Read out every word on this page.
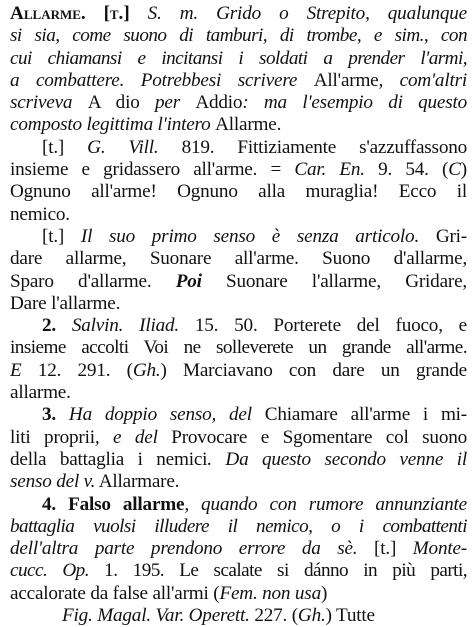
Allarme. [t.] S. m. Grido o Strepito, qualunque
si sia, come suono di tamburi, di trombe, e sim., con
cui chiamansi e incitansi i soldati a prender l'armi,
a combattere. Potrebbesi scrivere All'arme, com'altri
scriveva A dio per Addio: ma l'esempio di questo
composto legittima l'intero Allarme.
[t.] G. Vill. 819. Fittiziamente s'azzuffassono
insieme e gridassero all'arme. = Car. En. 9. 54. (C)
Ognuno all'arme! Ognuno alla muraglia! Ecco il
nemico.
[t.] Il suo primo senso è senza articolo. Gri-
dare allarme, Suonare all'arme. Suono d'allarme,
Sparo d'allarme. Poi Suonare l'allarme, Gridare,
Dare l'allarme.
2. Salvin. Iliad. 15. 50. Porterete del fuoco, e
insieme accolti Voi ne solleverete un grande all'arme.
E 12. 291. (Gh.) Marciavano con dare un grande
allarme.
3. Ha doppio senso, del Chiamare all'arme i mi-
liti proprii, e del Provocare e Sgomentare col suono
della battaglia i nemici. Da questo secondo venne il
senso del v. Allarmare.
4. Falso allarme, quando con rumore annunziante
battaglia vuolsi illudere il nemico, o i combattenti
dell'altra parte prendono errore da sè. [t.] Monte-
cucc. Op. 1. 195. Le scalate si dánno in più parti,
accalorate da false all'armi (Fem. non usa)
Fig. Magal. Var. Operett. 227. (Gh.) Tutte
